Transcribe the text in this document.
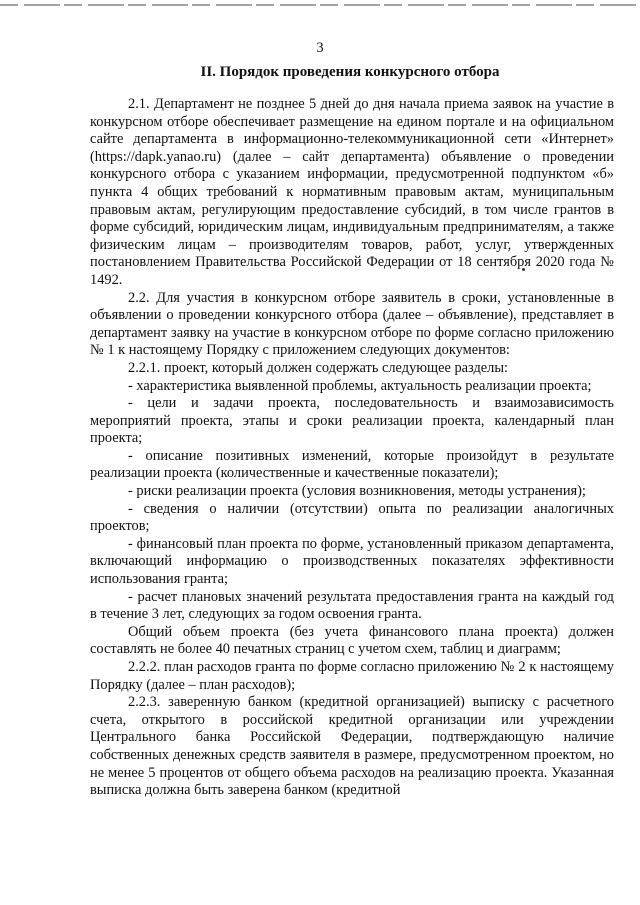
3
II. Порядок проведения конкурсного отбора

2.1. Департамент не позднее 5 дней до дня начала приема заявок на участие в конкурсном отборе обеспечивает размещение на едином портале и на официальном сайте департамента в информационно-телекоммуникационной сети «Интернет» (https://dapk.yanao.ru) (далее – сайт департамента) объявление о проведении конкурсного отбора с указанием информации, предусмотренной подпунктом «б» пункта 4 общих требований к нормативным правовым актам, муниципальным правовым актам, регулирующим предоставление субсидий, в том числе грантов в форме субсидий, юридическим лицам, индивидуальным предпринимателям, а также физическим лицам – производителям товаров, работ, услуг, утвержденных постановлением Правительства Российской Федерации от 18 сентября 2020 года № 1492.

2.2. Для участия в конкурсном отборе заявитель в сроки, установленные в объявлении о проведении конкурсного отбора (далее – объявление), представляет в департамент заявку на участие в конкурсном отборе по форме согласно приложению № 1 к настоящему Порядку с приложением следующих документов:

2.2.1. проект, который должен содержать следующее разделы:

- характеристика выявленной проблемы, актуальность реализации проекта;

- цели и задачи проекта, последовательность и взаимозависимость мероприятий проекта, этапы и сроки реализации проекта, календарный план проекта;

- описание позитивных изменений, которые произойдут в результате реализации проекта (количественные и качественные показатели);

- риски реализации проекта (условия возникновения, методы устранения);

- сведения о наличии (отсутствии) опыта по реализации аналогичных проектов;

- финансовый план проекта по форме, установленный приказом департамента, включающий информацию о производственных показателях эффективности использования гранта;

- расчет плановых значений результата предоставления гранта на каждый год в течение 3 лет, следующих за годом освоения гранта.

Общий объем проекта (без учета финансового плана проекта) должен составлять не более 40 печатных страниц с учетом схем, таблиц и диаграмм;

2.2.2. план расходов гранта по форме согласно приложению № 2 к настоящему Порядку (далее – план расходов);

2.2.3. заверенную банком (кредитной организацией) выписку с расчетного счета, открытого в российской кредитной организации или учреждении Центрального банка Российской Федерации, подтверждающую наличие собственных денежных средств заявителя в размере, предусмотренном проектом, но не менее 5 процентов от общего объема расходов на реализацию проекта. Указанная выписка должна быть заверена банком (кредитной
